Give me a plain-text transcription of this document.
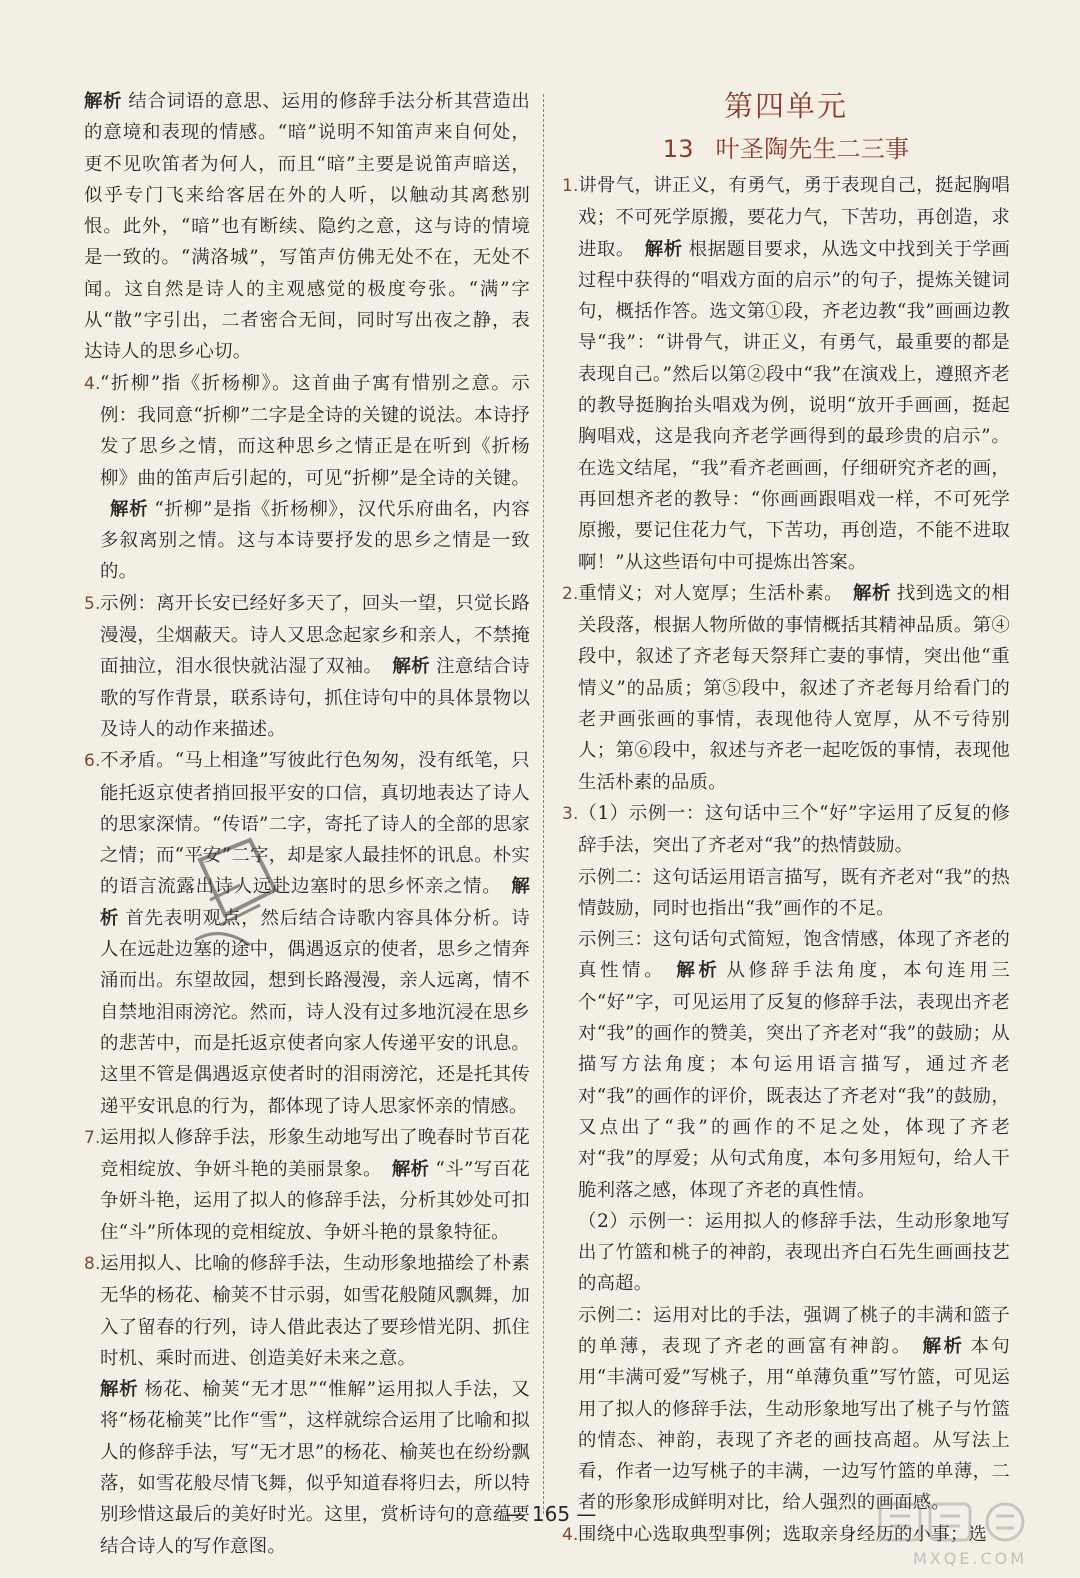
解析 结合词语的意思、运用的修辞手法分析其营造出的意境和表现的情感。“暗”说明不知笛声来自何处，更不见吹笛者为何人，而且“暗”主要是说笛声暗送，似乎专门飞来给客居在外的人听，以触动其离愁别恨。此外，“暗”也有断续、隐约之意，这与诗的情境是一致的。“满洛城”，写笛声仿佛无处不在，无处不闻。这自然是诗人的主观感觉的极度夸张。“满”字从“散”字引出，二者密合无间，同时写出夜之静，表达诗人的思乡心切。

4.“折柳”指《折杨柳》。这首曲子寓有惜别之意。示例：我同意“折柳”二字是全诗的关键的说法。本诗抒发了思乡之情，而这种思乡之情正是在听到《折杨柳》曲的笛声后引起的，可见“折柳”是全诗的关键。解析 “折柳”是指《折杨柳》，汉代乐府曲名，内容多叙离别之情。这与本诗要抒发的思乡之情是一致的。

5.示例：离开长安已经好多天了，回头一望，只觉长路漫漫，尘烟蔽天。诗人又思念起家乡和亲人，不禁掩面抽泣，泪水很快就沾湿了双袖。 解析 注意结合诗歌的写作背景，联系诗句，抓住诗句中的具体景物以及诗人的动作来描述。

6.不矛盾。“马上相逢”写彼此行色匆匆，没有纸笔，只能托返京使者捎回报平安的口信，真切地表达了诗人的思家深情。“传语”二字，寄托了诗人的全部的思家之情；而“平安”二字，却是家人最挂怀的讯息。朴实的语言流露出诗人远赴边塞时的思乡怀亲之情。 解析 首先表明观点，然后结合诗歌内容具体分析。诗人在远赴边塞的途中，偶遇返京的使者，思乡之情奔涌而出。东望故园，想到长路漫漫，亲人远离，情不自禁地泪雨滂沱。然而，诗人没有过多地沉浸在思乡的悲苦中，而是托返京使者向家人传递平安的讯息。这里不管是偶遇返京使者时的泪雨滂沱，还是托其传递平安讯息的行为，都体现了诗人思家怀亲的情感。

7.运用拟人修辞手法，形象生动地写出了晚春时节百花竞相绽放、争妍斗艳的美丽景象。 解析 “斗”写百花争妍斗艳，运用了拟人的修辞手法，分析其妙处可扣住“斗”所体现的竞相绽放、争妍斗艳的景象特征。

8.运用拟人、比喻的修辞手法，生动形象地描绘了朴素无华的杨花、榆荚不甘示弱，如雪花般随风飘舞，加入了留春的行列，诗人借此表达了要珍惜光阴、抓住时机、乘时而进、创造美好未来之意。

解析 杨花、榆荚“无才思”“惟解”运用拟人手法，又将“杨花榆荚”比作“雪”，这样就综合运用了比喻和拟人的修辞手法，写“无才思”的杨花、榆荚也在纷纷飘落，如雪花般尽情飞舞，似乎知道春将归去，所以特别珍惜这最后的美好时光。这里，赏析诗句的意蕴要结合诗人的写作意图。

第四单元
13 叶圣陶先生二三事

1.讲骨气，讲正义，有勇气，勇于表现自己，挺起胸唱戏；不可死学原搬，要花力气，下苦功，再创造，求进取。 解析 根据题目要求，从选文中找到关于学画过程中获得的“唱戏方面的启示”的句子，提炼关键词句，概括作答。选文第①段，齐老边教“我”画画边教导“我”：“讲骨气，讲正义，有勇气，最重要的都是表现自己。”然后以第②段中“我”在演戏上，遵照齐老的教导挺胸抬头唱戏为例，说明“放开手画画，挺起胸唱戏，这是我向齐老学画得到的最珍贵的启示”。在选文结尾，“我”看齐老画画，仔细研究齐老的画，再回想齐老的教导：“你画画跟唱戏一样，不可死学原搬，要记住花力气，下苦功，再创造，不能不进取啊！”从这些语句中可提炼出答案。

2.重情义；对人宽厚；生活朴素。 解析 找到选文的相关段落，根据人物所做的事情概括其精神品质。第④段中，叙述了齐老每天祭拜亡妻的事情，突出他“重情义”的品质；第⑤段中，叙述了齐老每月给看门的老尹画张画的事情，表现他待人宽厚，从不亏待别人；第⑥段中，叙述与齐老一起吃饭的事情，表现他生活朴素的品质。

3.（1）示例一：这句话中三个“好”字运用了反复的修辞手法，突出了齐老对“我”的热情鼓励。

示例二：这句话运用语言描写，既有齐老对“我”的热情鼓励，同时也指出“我”画作的不足。

示例三：这句话句式简短，饱含情感，体现了齐老的真性情。 解析 从修辞手法角度，本句连用三个“好”字，可见运用了反复的修辞手法，表现出齐老对“我”的画作的赞美，突出了齐老对“我”的鼓励；从描写方法角度；本句运用语言描写，通过齐老对“我”的画作的评价，既表达了齐老对“我”的鼓励，又点出了“我”的画作的不足之处，体现了齐老对“我”的厚爱；从句式角度，本句多用短句，给人干脆利落之感，体现了齐老的真性情。

（2）示例一：运用拟人的修辞手法，生动形象地写出了竹篮和桃子的神韵，表现出齐白石先生画画技艺的高超。

示例二：运用对比的手法，强调了桃子的丰满和篮子的单薄，表现了齐老的画富有神韵。 解析 本句用“丰满可爱”写桃子，用“单薄负重”写竹篮，可见运用了拟人的修辞手法，生动形象地写出了桃子与竹篮的情态、神韵，表现了齐老的画技高超。从写法上看，作者一边写桃子的丰满，一边写竹篮的单薄，二者的形象形成鲜明对比，给人强烈的画面感。

4.围绕中心选取典型事例；选取亲身经历的小事；选

— 165 —
MXQE.COM
